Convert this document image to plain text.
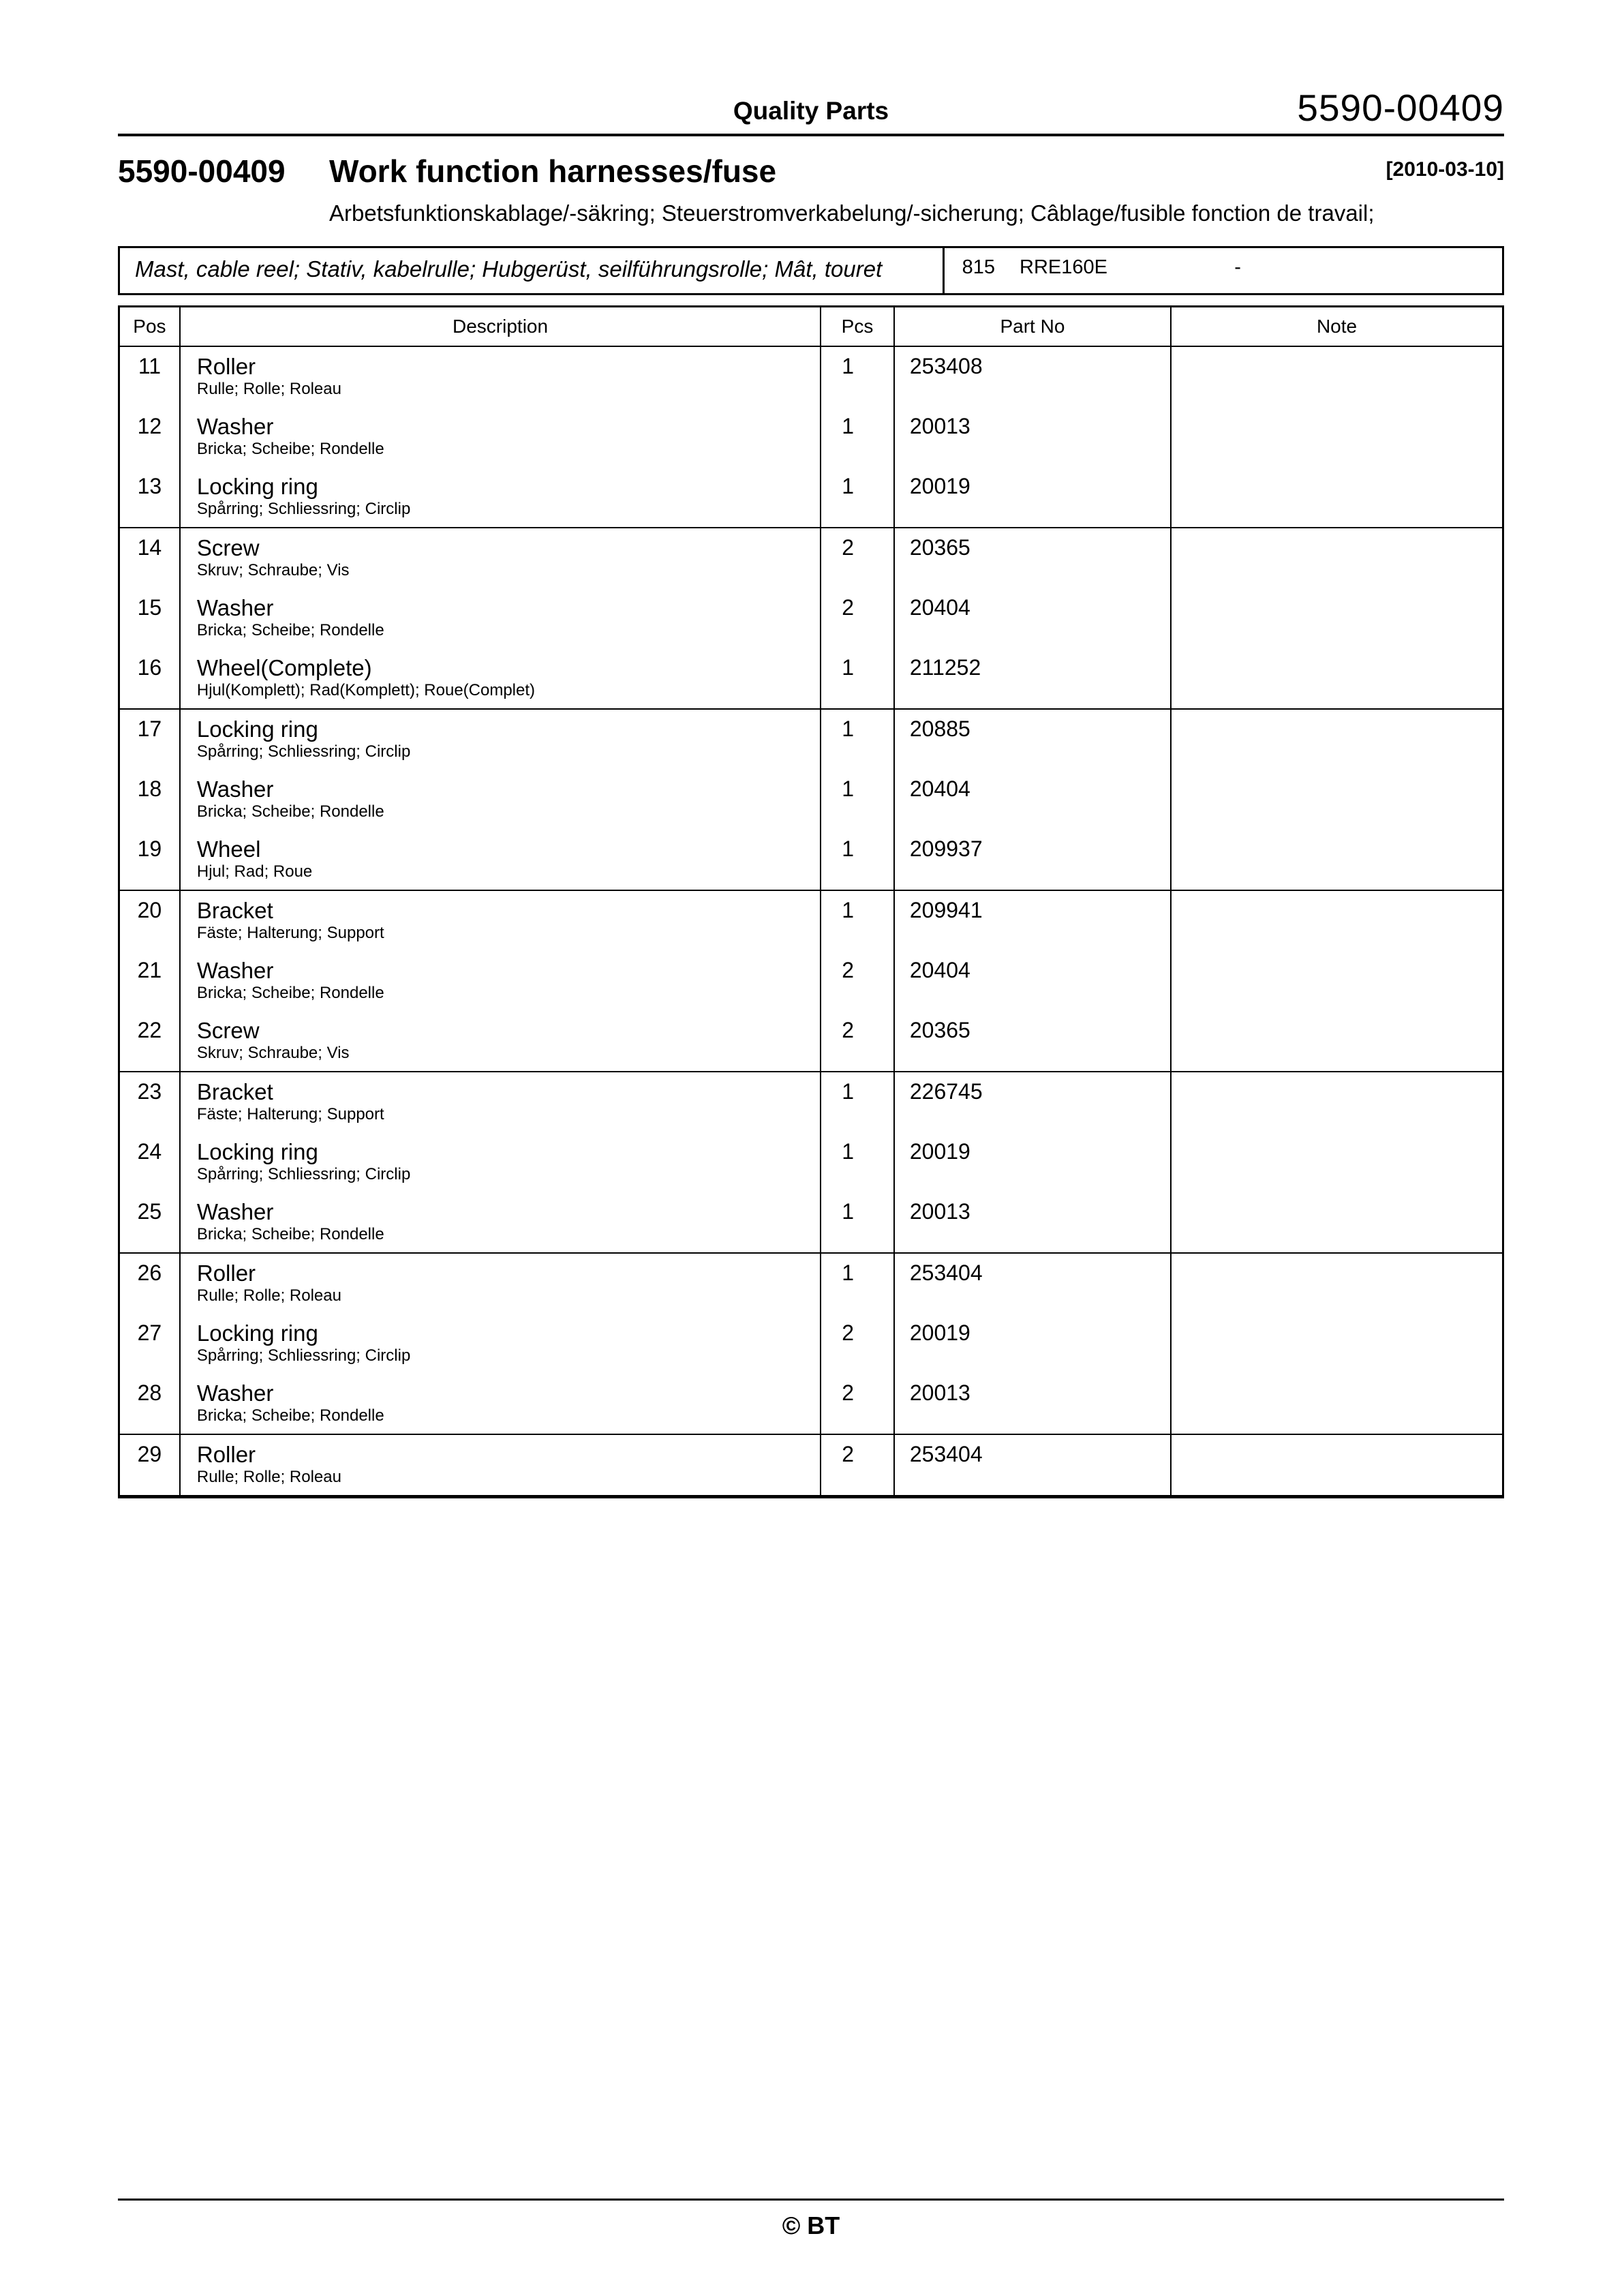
Quality Parts	5590-00409
5590-00409	Work function harnesses/fuse	[2010-03-10]

Arbetsfunktionskablage/-säkring; Steuerstromverkabelung/-sicherung; Câblage/fusible fonction de travail;

Mast, cable reel; Stativ, kabelrulle; Hubgerüst, seilführungsrolle; Mât, touret	815 RRE160E	-
Pos	Description	Pcs	Part No	Note
11	Roller
Rulle; Rolle; Roleau	1	253408	
12	Washer
Bricka; Scheibe; Rondelle	1	20013	
13	Locking ring
Spårring; Schliessring; Circlip	1	20019	
14	Screw
Skruv; Schraube; Vis	2	20365	
15	Washer
Bricka; Scheibe; Rondelle	2	20404	
16	Wheel(Complete)
Hjul(Komplett); Rad(Komplett); Roue(Complet)	1	211252	
17	Locking ring
Spårring; Schliessring; Circlip	1	20885	
18	Washer
Bricka; Scheibe; Rondelle	1	20404	
19	Wheel
Hjul; Rad; Roue	1	209937	
20	Bracket
Fäste; Halterung; Support	1	209941	
21	Washer
Bricka; Scheibe; Rondelle	2	20404	
22	Screw
Skruv; Schraube; Vis	2	20365	
23	Bracket
Fäste; Halterung; Support	1	226745	
24	Locking ring
Spårring; Schliessring; Circlip	1	20019	
25	Washer
Bricka; Scheibe; Rondelle	1	20013	
26	Roller
Rulle; Rolle; Roleau	1	253404	
27	Locking ring
Spårring; Schliessring; Circlip	2	20019	
28	Washer
Bricka; Scheibe; Rondelle	2	20013	
29	Roller
Rulle; Rolle; Roleau	2	253404	
© BT
